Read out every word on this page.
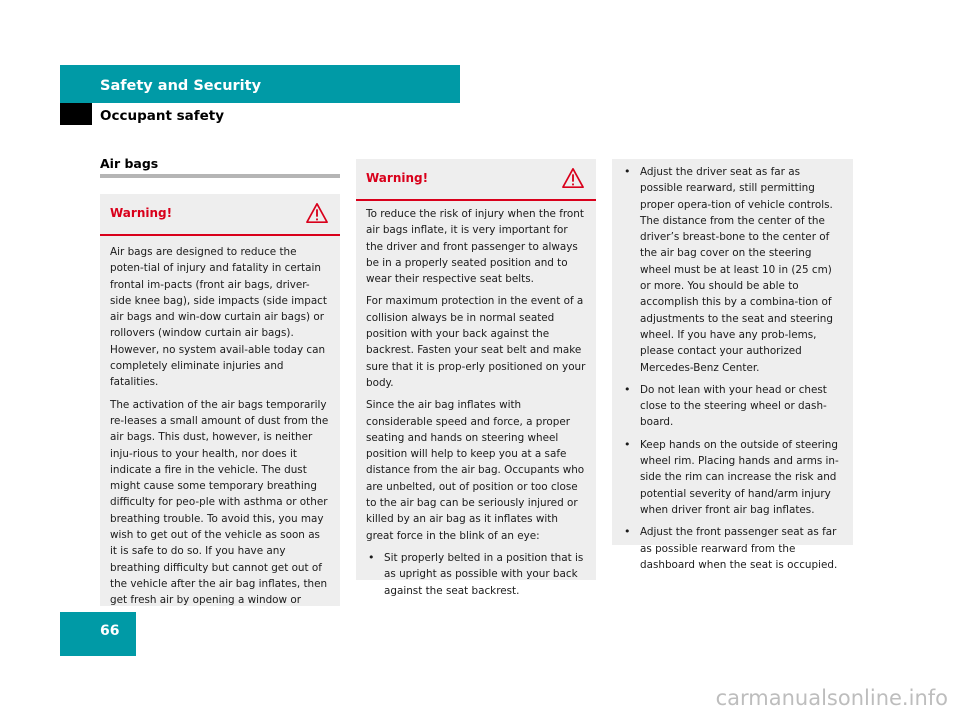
Safety and Security
Occupant safety
Air bags
Warning!

Air bags are designed to reduce the poten-tial of injury and fatality in certain frontal im-pacts (front air bags, driver-side knee bag), side impacts (side impact air bags and win-dow curtain air bags) or rollovers (window curtain air bags). However, no system avail-able today can completely eliminate injuries and fatalities.

The activation of the air bags temporarily re-leases a small amount of dust from the air bags. This dust, however, is neither inju-rious to your health, nor does it indicate a fire in the vehicle. The dust might cause some temporary breathing difficulty for peo-ple with asthma or other breathing trouble. To avoid this, you may wish to get out of the vehicle as soon as it is safe to do so. If you have any breathing difficulty but cannot get out of the vehicle after the air bag inflates, then get fresh air by opening a window or

Warning!

To reduce the risk of injury when the front air bags inflate, it is very important for the driver and front passenger to always be in a properly seated position and to wear their respective seat belts.

For maximum protection in the event of a collision always be in normal seated position with your back against the backrest. Fasten your seat belt and make sure that it is prop-erly positioned on your body.

Since the air bag inflates with considerable speed and force, a proper seating and hands on steering wheel position will help to keep you at a safe distance from the air bag. Occupants who are unbelted, out of position or too close to the air bag can be seriously injured or killed by an air bag as it inflates with great force in the blink of an eye:

• Sit properly belted in a position that is as upright as possible with your back against the seat backrest.
• Adjust the driver seat as far as possible rearward, still permitting proper opera-tion of vehicle controls. The distance from the center of the driver’s breast-bone to the center of the air bag cover on the steering wheel must be at least 10 in (25 cm) or more. You should be able to accomplish this by a combina-tion of adjustments to the seat and steering wheel. If you have any prob-lems, please contact your authorized Mercedes-Benz Center.
• Do not lean with your head or chest close to the steering wheel or dash-board.
• Keep hands on the outside of steering wheel rim. Placing hands and arms in-side the rim can increase the risk and potential severity of hand/arm injury when driver front air bag inflates.
• Adjust the front passenger seat as far as possible rearward from the dashboard when the seat is occupied.
66
carmanualsonline.info
